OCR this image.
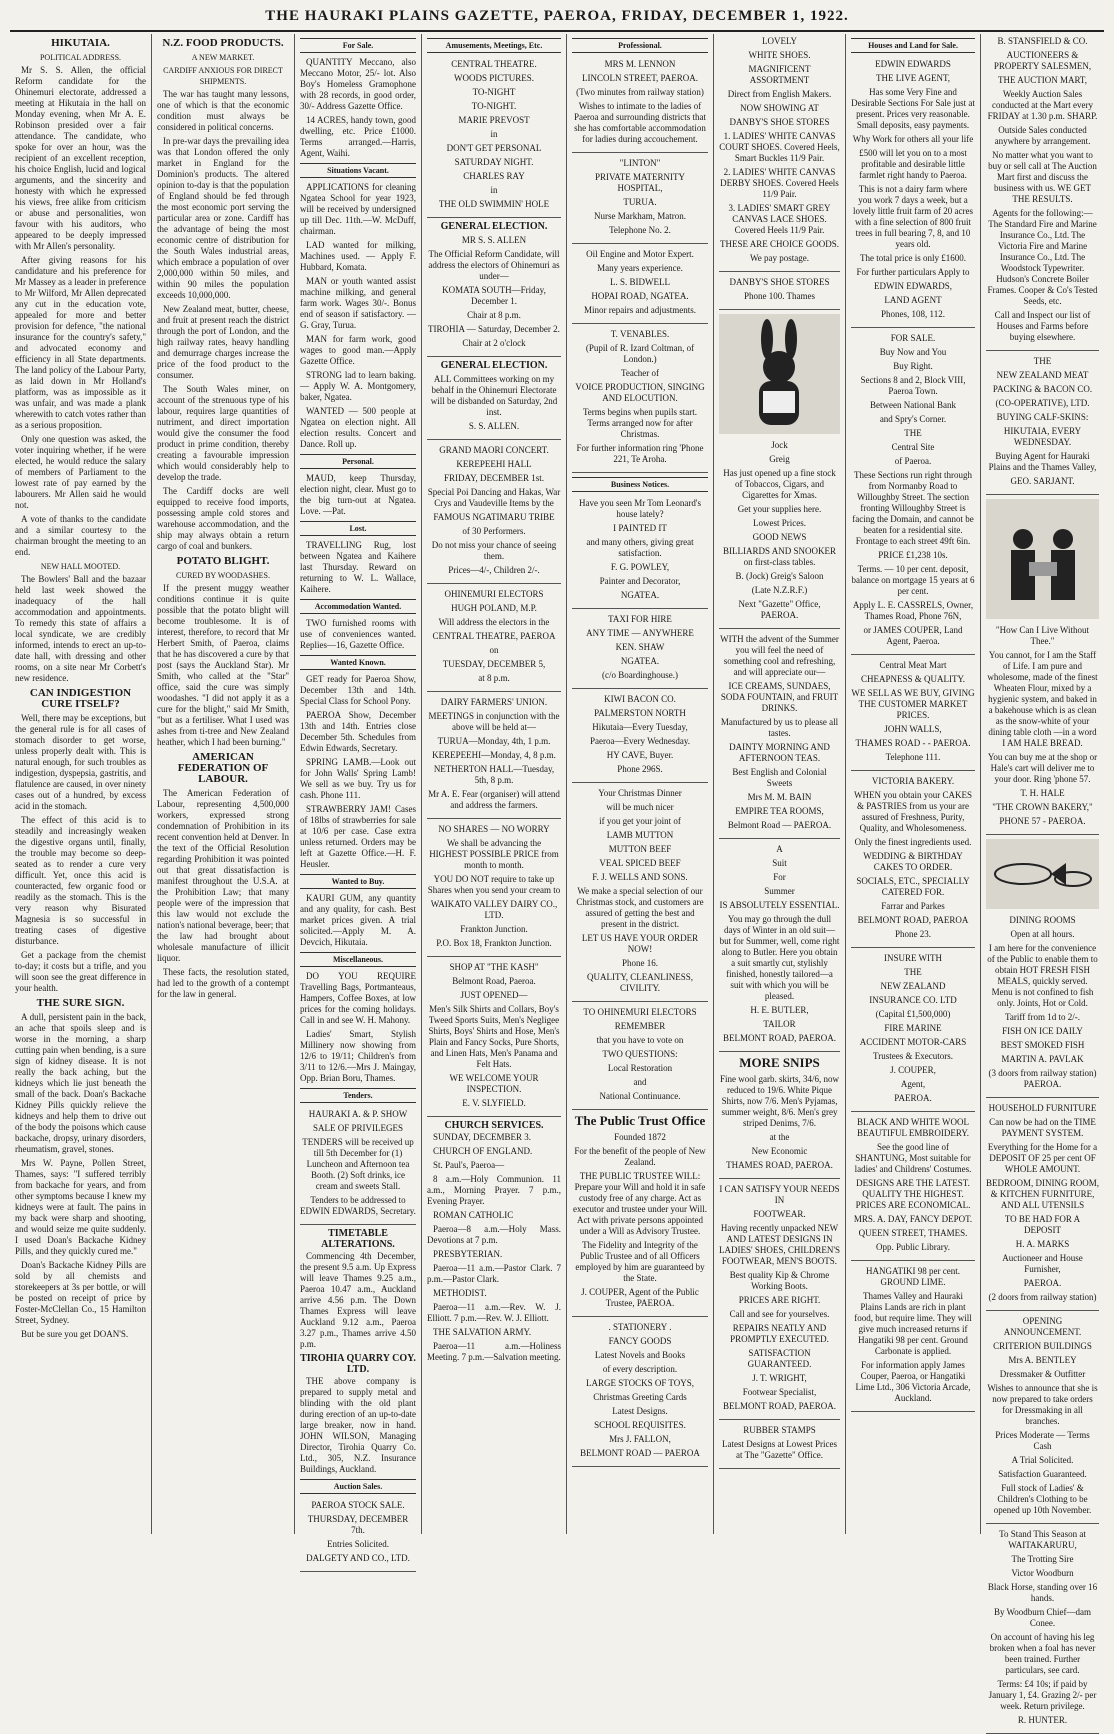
THE HAURAKI PLAINS GAZETTE, PAEROA, FRIDAY, DECEMBER 1, 1922.
HIKUTAIA.
POLITICAL ADDRESS.

Mr S. S. Allen, the official Reform candidate for the Ohinemuri electorate, addressed a meeting at Hikutaia in the hall on Monday evening, when Mr A. E. Robinson presided over a fair attendance. The candidate, who spoke for over an hour, was the recipient of an excellent reception, his choice English, lucid and logical arguments, and the sincerity and honesty with which he expressed his views, free alike from criticism or abuse and personalities, won favour with his auditors, who appeared to be deeply impressed with Mr Allen's personality.

After giving reasons for his candidature and his preference for Mr Massey as a leader in preference to Mr Wilford, Mr Allen deprecated any cut in the education vote, appealed for more and better provision for defence, "the national insurance for the country's safety," and advocated economy and efficiency in all State departments. The land policy of the Labour Party, as laid down in Mr Holland's platform, was as impossible as it was unfair, and was made a plank wherewith to catch votes rather than as a serious proposition.

Only one question was asked, the voter inquiring whether, if he were elected, he would reduce the salary of members of Parliament to the lowest rate of pay earned by the labourers. Mr Allen said he would not.

A vote of thanks to the candidate and a similar courtesy to the chairman brought the meeting to an end.

NEW HALL MOOTED.

The Bowlers' Ball and the bazaar held last week showed the inadequacy of the hall accommodation and appointments. To remedy this state of affairs a local syndicate, we are credibly informed, intends to erect an up-to-date hall, with dressing and other rooms, on a site near Mr Corbett's new residence.

CAN INDIGESTION CURE ITSELF?

Well, there may be exceptions, but the general rule is for all cases of stomach disorder to get worse, unless properly dealt with. This is natural enough, for such troubles as indigestion, dyspepsia, gastritis, and flatulence are caused, in over ninety cases out of a hundred, by excess acid in the stomach.

The effect of this acid is to steadily and increasingly weaken the digestive organs until, finally, the trouble may become so deep-seated as to render a cure very difficult. Yet, once this acid is counteracted, few organic food or readily as the stomach. This is the very reason why Bisurated Magnesia is so successful in treating cases of digestive disturbance.

Get a package from the chemist to-day; it costs but a trifle, and you will soon see the great difference in your health.

THE SURE SIGN.

A dull, persistent pain in the back, an ache that spoils sleep and is worse in the morning, a sharp cutting pain when bending, is a sure sign of kidney disease. It is not really the back aching, but the kidneys which lie just beneath the small of the back. Doan's Backache Kidney Pills quickly relieve the kidneys and help them to drive out of the body the poisons which cause backache, dropsy, urinary disorders, rheumatism, gravel, stones.

Mrs W. Payne, Pollen Street, Thames, says: "I suffered terribly from backache for years, and from other symptoms because I knew my kidneys were at fault. The pains in my back were sharp and shooting, and would seize me quite suddenly. I used Doan's Backache Kidney Pills, and they quickly cured me."

Doan's Backache Kidney Pills are sold by all chemists and storekeepers at 3s per bottle, or will be posted on receipt of price by Foster-McClellan Co., 15 Hamilton Street, Sydney.

But be sure you get DOAN'S.

N.Z. FOOD PRODUCTS.
A NEW MARKET.
CARDIFF ANXIOUS FOR DIRECT SHIPMENTS.

The war has taught many lessons, one of which is that the economic condition must always be considered in political concerns.

In pre-war days the prevailing idea was that London offered the only market in England for the Dominion's products. The altered opinion to-day is that the population of England should be fed through the most economic port serving the particular area or zone. Cardiff has the advantage of being the most economic centre of distribution for the South Wales industrial areas, which embrace a population of over 2,000,000 within 50 miles, and within 90 miles the population exceeds 10,000,000.

New Zealand meat, butter, cheese, and fruit at present reach the district through the port of London, and the high railway rates, heavy handling and demurrage charges increase the price of the food product to the consumer.

The South Wales miner, on account of the strenuous type of his labour, requires large quantities of nutriment, and direct importation would give the consumer the food product in prime condition, thereby creating a favourable impression which would considerably help to develop the trade.

The Cardiff docks are well equipped to receive food imports, possessing ample cold stores and warehouse accommodation, and the ship may always obtain a return cargo of coal and bunkers.

POTATO BLIGHT.
CURED BY WOODASHES.

If the present muggy weather conditions continue it is quite possible that the potato blight will become troublesome. It is of interest, therefore, to record that Mr Herbert Smith, of Paeroa, claims that he has discovered a cure by that post (says the Auckland Star). Mr Smith, who called at the "Star" office, said the cure was simply woodashes. "I did not apply it as a cure for the blight," said Mr Smith, "but as a fertiliser. What I used was ashes from ti-tree and New Zealand heather, which I had been burning."

AMERICAN FEDERATION OF LABOUR.

The American Federation of Labour, representing 4,500,000 workers, expressed strong condemnation of Prohibition in its recent convention held at Denver. In the text of the Official Resolution regarding Prohibition it was pointed out that great dissatisfaction is manifest throughout the U.S.A. at the Prohibition Law; that many people were of the impression that this law would not exclude the nation's national beverage, beer; that the law had brought about wholesale manufacture of illicit liquor.

These facts, the resolution stated, had led to the growth of a contempt for the law in general.

For Sale.

QUANTITY Meccano, also Meccano Motor, 25/- lot. Also Boy's Homeless Gramophone with 28 records, in good order, 30/- Address Gazette Office.

14 ACRES, handy town, good dwelling, etc. Price £1000. Terms arranged.—Harris, Agent, Waihi.

Situations Vacant.

APPLICATIONS for cleaning Ngatea School for year 1923, will be received by undersigned up till Dec. 11th.—W. McDuff, chairman.

LAD wanted for milking, Machines used. — Apply F. Hubbard, Komata.

MAN or youth wanted assist machine milking, and general farm work. Wages 30/-. Bonus end of season if satisfactory. —G. Gray, Turua.

MAN for farm work, good wages to good man.—Apply Gazette Office.

STRONG lad to learn baking.— Apply W. A. Montgomery, baker, Ngatea.

WANTED — 500 people at Ngatea on election night. All election results. Concert and Dance. Roll up.

Personal.

MAUD, keep Thursday, election night, clear. Must go to the big turn-out at Ngatea. Love. —Pat.

Lost.

TRAVELLING Rug, lost between Ngatea and Kaihere last Thursday. Reward on returning to W. L. Wallace, Kaihere.

Accommodation Wanted.

TWO furnished rooms with use of conveniences wanted. Replies—16, Gazette Office.

Wanted Known.

GET ready for Paeroa Show, December 13th and 14th. Special Class for School Pony.

PAEROA Show, December 13th and 14th. Entries close December 5th. Schedules from Edwin Edwards, Secretary.

SPRING LAMB.—Look out for John Walls' Spring Lamb! We sell as we buy. Try us for cash. Phone 111.

STRAWBERRY JAM! Cases of 18lbs of strawberries for sale at 10/6 per case. Case extra unless returned. Orders may be left at Gazette Office.—H. F. Heusler.

Wanted to Buy.

KAURI GUM, any quantity and any quality, for cash. Best market prices given. A trial solicited.—Apply M. A. Devcich, Hikutaia.

Miscellaneous.

DO YOU REQUIRE Travelling Bags, Portmanteaus, Hampers, Coffee Boxes, at low prices for the coming holidays. Call in and see W. H. Mahony.

Ladies' Smart, Stylish Millinery now showing from 12/6 to 19/11; Children's from 3/11 to 12/6.—Mrs J. Maingay, Opp. Brian Boru, Thames.

Tenders.

HAURAKI A. & P. SHOW

SALE OF PRIVILEGES

TENDERS will be received up till 5th December for (1) Luncheon and Afternoon tea Booth. (2) Soft drinks, ice cream and sweets Stall.

Tenders to be addressed to EDWIN EDWARDS, Secretary.

TIMETABLE ALTERATIONS.

Commencing 4th December, the present 9.5 a.m. Up Express will leave Thames 9.25 a.m., Paeroa 10.47 a.m., Auckland arrive 4.56 p.m. The Down Thames Express will leave Auckland 9.12 a.m., Paeroa 3.27 p.m., Thames arrive 4.50 p.m.

TIROHIA QUARRY COY. LTD.

THE above company is prepared to supply metal and blinding with the old plant during erection of an up-to-date large breaker, now in hand. JOHN WILSON, Managing Director, Tirohia Quarry Co. Ltd., 305, N.Z. Insurance Buildings, Auckland.

Auction Sales.

PAEROA STOCK SALE.

THURSDAY, DECEMBER 7th.

Entries Solicited.

DALGETY AND CO., LTD.

Amusements, Meetings, Etc.

CENTRAL THEATRE.

WOODS PICTURES.

TO-NIGHT

TO-NIGHT.

MARIE PREVOST

in

DON'T GET PERSONAL

SATURDAY NIGHT.

CHARLES RAY

in

THE OLD SWIMMIN' HOLE

GENERAL ELECTION.

MR S. S. ALLEN

The Official Reform Candidate, will address the electors of Ohinemuri as under—

KOMATA SOUTH—Friday, December 1.

Chair at 8 p.m.

TIROHIA — Saturday, December 2.

Chair at 2 o'clock

GENERAL ELECTION.

ALL Committees working on my behalf in the Ohinemuri Electorate will be disbanded on Saturday, 2nd inst.

S. S. ALLEN.

GRAND MAORI CONCERT.

KEREPEEHI HALL

FRIDAY, DECEMBER 1st.

Special Poi Dancing and Hakas, War Crys and Vaudeville Items by the

FAMOUS NGATIMARU TRIBE

of 30 Performers.

Do not miss your chance of seeing them.

Prices—4/-, Children 2/-.

OHINEMURI ELECTORS

HUGH POLAND, M.P.

Will address the electors in the

CENTRAL THEATRE, PAEROA

on

TUESDAY, DECEMBER 5,

at 8 p.m.

DAIRY FARMERS' UNION.

MEETINGS in conjunction with the above will be held at—

TURUA—Monday, 4th, 1 p.m.

KEREPEEHI—Monday, 4, 8 p.m.

NETHERTON HALL—Tuesday, 5th, 8 p.m.

Mr A. E. Fear (organiser) will attend and address the farmers.

NO SHARES — NO WORRY

We shall be advancing the HIGHEST POSSIBLE PRICE from month to month.

YOU DO NOT require to take up Shares when you send your cream to

WAIKATO VALLEY DAIRY CO., LTD.

Frankton Junction.

P.O. Box 18, Frankton Junction.

SHOP AT "THE KASH"

Belmont Road, Paeroa.

JUST OPENED—

Men's Silk Shirts and Collars, Boy's Tweed Sports Suits, Men's Negligee Shirts, Boys' Shirts and Hose, Men's Plain and Fancy Socks, Pure Shorts, and Linen Hats, Men's Panama and Felt Hats.

WE WELCOME YOUR INSPECTION.

E. V. SLYFIELD.

CHURCH SERVICES.

SUNDAY, DECEMBER 3.

CHURCH OF ENGLAND.

St. Paul's, Paeroa—

8 a.m.—Holy Communion. 11 a.m., Morning Prayer. 7 p.m., Evening Prayer.

ROMAN CATHOLIC

Paeroa—8 a.m.—Holy Mass. Devotions at 7 p.m.

PRESBYTERIAN.

Paeroa—11 a.m.—Pastor Clark. 7 p.m.—Pastor Clark.

METHODIST.

Paeroa—11 a.m.—Rev. W. J. Elliott. 7 p.m.—Rev. W. J. Elliott.

THE SALVATION ARMY.

Paeroa—11 a.m.—Holiness Meeting. 7 p.m.—Salvation meeting.

Professional.

MRS M. LENNON

LINCOLN STREET, PAEROA.

(Two minutes from railway station)

Wishes to intimate to the ladies of Paeroa and surrounding districts that she has comfortable accommodation for ladies during accouchement.

"LINTON"

PRIVATE MATERNITY HOSPITAL,

TURUA.

Nurse Markham, Matron.

Telephone No. 2.

Oil Engine and Motor Expert.

Many years experience.

L. S. BIDWELL

HOPAI ROAD, NGATEA.

Minor repairs and adjustments.

T. VENABLES.

(Pupil of R. Izard Coltman, of London.)

Teacher of

VOICE PRODUCTION, SINGING AND ELOCUTION.

Terms begins when pupils start. Terms arranged now for after Christmas.

For further information ring 'Phone 221, Te Aroha.

Business Notices.

Have you seen Mr Tom Leonard's house lately?

I PAINTED IT

and many others, giving great satisfaction.

F. G. POWLEY,

Painter and Decorator,

NGATEA.

TAXI FOR HIRE

ANY TIME — ANYWHERE

KEN. SHAW

NGATEA.

(c/o Boardinghouse.)

KIWI BACON CO.

PALMERSTON NORTH

Hikutaia—Every Tuesday,

Paeroa—Every Wednesday.

HY CAVE, Buyer.

Phone 296S.

Your Christmas Dinner

will be much nicer

if you get your joint of

LAMB MUTTON

MUTTON BEEF

VEAL SPICED BEEF

F. J. WELLS AND SONS.

We make a special selection of our Christmas stock, and customers are assured of getting the best and present in the district.

LET US HAVE YOUR ORDER NOW!

Phone 16.

QUALITY, CLEANLINESS, CIVILITY.

TO OHINEMURI ELECTORS

REMEMBER

that you have to vote on

TWO QUESTIONS:

Local Restoration

and

National Continuance.

The Public Trust Office

Founded 1872

For the benefit of the people of New Zealand.

THE PUBLIC TRUSTEE WILL: Prepare your Will and hold it in safe custody free of any charge. Act as executor and trustee under your Will. Act with private persons appointed under a Will as Advisory Trustee.

The Fidelity and Integrity of the Public Trustee and of all Officers employed by him are guaranteed by the State.

J. COUPER, Agent of the Public Trustee, PAEROA.

. STATIONERY .

FANCY GOODS

Latest Novels and Books

of every description.

LARGE STOCKS OF TOYS,

Christmas Greeting Cards

Latest Designs.

SCHOOL REQUISITES.

Mrs J. FALLON,

BELMONT ROAD — PAEROA

LOVELY

WHITE SHOES.

MAGNIFICENT ASSORTMENT

Direct from English Makers.

NOW SHOWING AT

DANBY'S SHOE STORES

1. LADIES' WHITE CANVAS COURT SHOES. Covered Heels, Smart Buckles 11/9 Pair.

2. LADIES' WHITE CANVAS DERBY SHOES. Covered Heels 11/9 Pair.

3. LADIES' SMART GREY CANVAS LACE SHOES. Covered Heels 11/9 Pair.

THESE ARE CHOICE GOODS.

We pay postage.

DANBY'S SHOE STORES

Phone 100. Thames

Jock

Greig

Has just opened up a fine stock of Tobaccos, Cigars, and Cigarettes for Xmas.

Get your supplies here.

Lowest Prices.

GOOD NEWS

BILLIARDS AND SNOOKER on first-class tables.

B. (Jock) Greig's Saloon

(Late N.Z.R.F.)

Next "Gazette" Office, PAEROA.

WITH the advent of the Summer you will feel the need of something cool and refreshing, and will appreciate our—

ICE CREAMS, SUNDAES, SODA FOUNTAIN, and FRUIT DRINKS.

Manufactured by us to please all tastes.

DAINTY MORNING AND AFTERNOON TEAS.

Best English and Colonial Sweets

Mrs M. M. BAIN

EMPIRE TEA ROOMS,

Belmont Road — PAEROA.

A

Suit

For

Summer

IS ABSOLUTELY ESSENTIAL.

You may go through the dull days of Winter in an old suit—but for Summer, well, come right along to Butler. Here you obtain a suit smartly cut, stylishly finished, honestly tailored—a suit with which you will be pleased.

H. E. BUTLER,

TAILOR

BELMONT ROAD, PAEROA.

MORE SNIPS

Fine wool garb. skirts, 34/6, now reduced to 19/6. White Pique Shirts, now 7/6. Men's Pyjamas, summer weight, 8/6. Men's grey striped Denims, 7/6.

at the

New Economic

THAMES ROAD, PAEROA.

I CAN SATISFY YOUR NEEDS IN

FOOTWEAR.

Having recently unpacked NEW AND LATEST DESIGNS IN LADIES' SHOES, CHILDREN'S FOOTWEAR, MEN'S BOOTS.

Best quality Kip & Chrome Working Boots.

PRICES ARE RIGHT.

Call and see for yourselves.

REPAIRS NEATLY AND PROMPTLY EXECUTED.

SATISFACTION GUARANTEED.

J. T. WRIGHT,

Footwear Specialist,

BELMONT ROAD, PAEROA.

RUBBER STAMPS

Latest Designs at Lowest Prices at The "Gazette" Office.

Houses and Land for Sale.

EDWIN EDWARDS

THE LIVE AGENT,

Has some Very Fine and Desirable Sections For Sale just at present. Prices very reasonable. Small deposits, easy payments.

Why Work for others all your life

£500 will let you on to a most profitable and desirable little farmlet right handy to Paeroa.

This is not a dairy farm where you work 7 days a week, but a lovely little fruit farm of 20 acres with a fine selection of 800 fruit trees in full bearing 7, 8, and 10 years old.

The total price is only £1600.

For further particulars Apply to

EDWIN EDWARDS,

LAND AGENT

Phones, 108, 112.

FOR SALE.

Buy Now and You

Buy Right.

Sections 8 and 2, Block VIII, Paeroa Town.

Between National Bank

and Spry's Corner.

THE

Central Site

of Paeroa.

These Sections run right through from Normanby Road to Willoughby Street. The section fronting Willoughby Street is facing the Domain, and cannot be beaten for a residential site. Frontage to each street 49ft 6in.

PRICE £1,238 10s.

Terms. — 10 per cent. deposit, balance on mortgage 15 years at 6 per cent.

Apply L. E. CASSRELS, Owner, Thames Road, Phone 76N,

or JAMES COUPER, Land Agent, Paeroa.

Central Meat Mart

CHEAPNESS & QUALITY.

WE SELL AS WE BUY, GIVING THE CUSTOMER MARKET PRICES.

JOHN WALLS,

THAMES ROAD - - PAEROA.

Telephone 111.

VICTORIA BAKERY.

WHEN you obtain your CAKES & PASTRIES from us your are assured of Freshness, Purity, Quality, and Wholesomeness.

Only the finest ingredients used.

WEDDING & BIRTHDAY CAKES TO ORDER.

SOCIALS, ETC., SPECIALLY CATERED FOR.

Farrar and Parkes

BELMONT ROAD, PAEROA

Phone 23.

INSURE WITH

THE

NEW ZEALAND

INSURANCE CO. LTD

(Capital £1,500,000)

FIRE MARINE

ACCIDENT MOTOR-CARS

Trustees & Executors.

J. COUPER,

Agent,

PAEROA.

BLACK AND WHITE WOOL BEAUTIFUL EMBROIDERY.

See the good line of SHANTUNG, Most suitable for ladies' and Childrens' Costumes.

DESIGNS ARE THE LATEST. QUALITY THE HIGHEST. PRICES ARE ECONOMICAL.

MRS. A. DAY, FANCY DEPOT.

QUEEN STREET, THAMES.

Opp. Public Library.

HANGATIKI 98 per cent. GROUND LIME.

Thames Valley and Hauraki Plains Lands are rich in plant food, but require lime. They will give much increased returns if Hangatiki 98 per cent. Ground Carbonate is applied.

For information apply James Couper, Paeroa, or Hangatiki Lime Ltd., 306 Victoria Arcade, Auckland.

B. STANSFIELD & CO.

AUCTIONEERS & PROPERTY SALESMEN,

THE AUCTION MART,

Weekly Auction Sales conducted at the Mart every FRIDAY at 1.30 p.m. SHARP.

Outside Sales conducted anywhere by arrangement.

No matter what you want to buy or sell call at The Auction Mart first and discuss the business with us. WE GET THE RESULTS.

Agents for the following:— The Standard Fire and Marine Insurance Co., Ltd. The Victoria Fire and Marine Insurance Co., Ltd. The Woodstock Typewriter. Hudson's Concrete Boiler Frames. Cooper & Co's Tested Seeds, etc.

Call and Inspect our list of Houses and Farms before buying elsewhere.

THE

NEW ZEALAND MEAT

PACKING & BACON CO.

(CO-OPERATIVE), LTD.

BUYING CALF-SKINS:

HIKUTAIA, EVERY WEDNESDAY.

Buying Agent for Hauraki Plains and the Thames Valley,

GEO. SARJANT.

"How Can I Live Without Thee."

You cannot, for I am the Staff of Life. I am pure and wholesome, made of the finest Wheaten Flour, mixed by a hygienic system, and baked in a bakehouse which is as clean as the snow-white of your dining table cloth —in a word I AM HALE BREAD.

You can buy me at the shop or Hale's cart will deliver me to your door. Ring 'phone 57.

T. H. HALE

"THE CROWN BAKERY,"

PHONE 57 - PAEROA.

DINING ROOMS

Open at all hours.

I am here for the convenience of the Public to enable them to obtain HOT FRESH FISH MEALS, quickly served. Menu is not confined to fish only. Joints, Hot or Cold.

Tariff from 1d to 2/-.

FISH ON ICE DAILY

BEST SMOKED FISH

MARTIN A. PAVLAK

(3 doors from railway station) PAEROA.

HOUSEHOLD FURNITURE

Can now be had on the TIME PAYMENT SYSTEM.

Everything for the Home for a DEPOSIT OF 25 per cent OF WHOLE AMOUNT.

BEDROOM, DINING ROOM, & KITCHEN FURNITURE, AND ALL UTENSILS

TO BE HAD FOR A DEPOSIT

H. A. MARKS

Auctioneer and House Furnisher,

PAEROA.

(2 doors from railway station)

OPENING ANNOUNCEMENT.

CRITERION BUILDINGS

Mrs A. BENTLEY

Dressmaker & Outfitter

Wishes to announce that she is now prepared to take orders for Dressmaking in all branches.

Prices Moderate — Terms Cash

A Trial Solicited.

Satisfaction Guaranteed.

Full stock of Ladies' & Children's Clothing to be opened up 10th November.

To Stand This Season at WAITAKARURU,

The Trotting Sire

Victor Woodburn

Black Horse, standing over 16 hands.

By Woodburn Chief—dam Conee.

On account of having his leg broken when a foal has never been trained. Further particulars, see card.

Terms: £4 10s; if paid by January 1, £4. Grazing 2/- per week. Return privilege.

R. HUNTER.
